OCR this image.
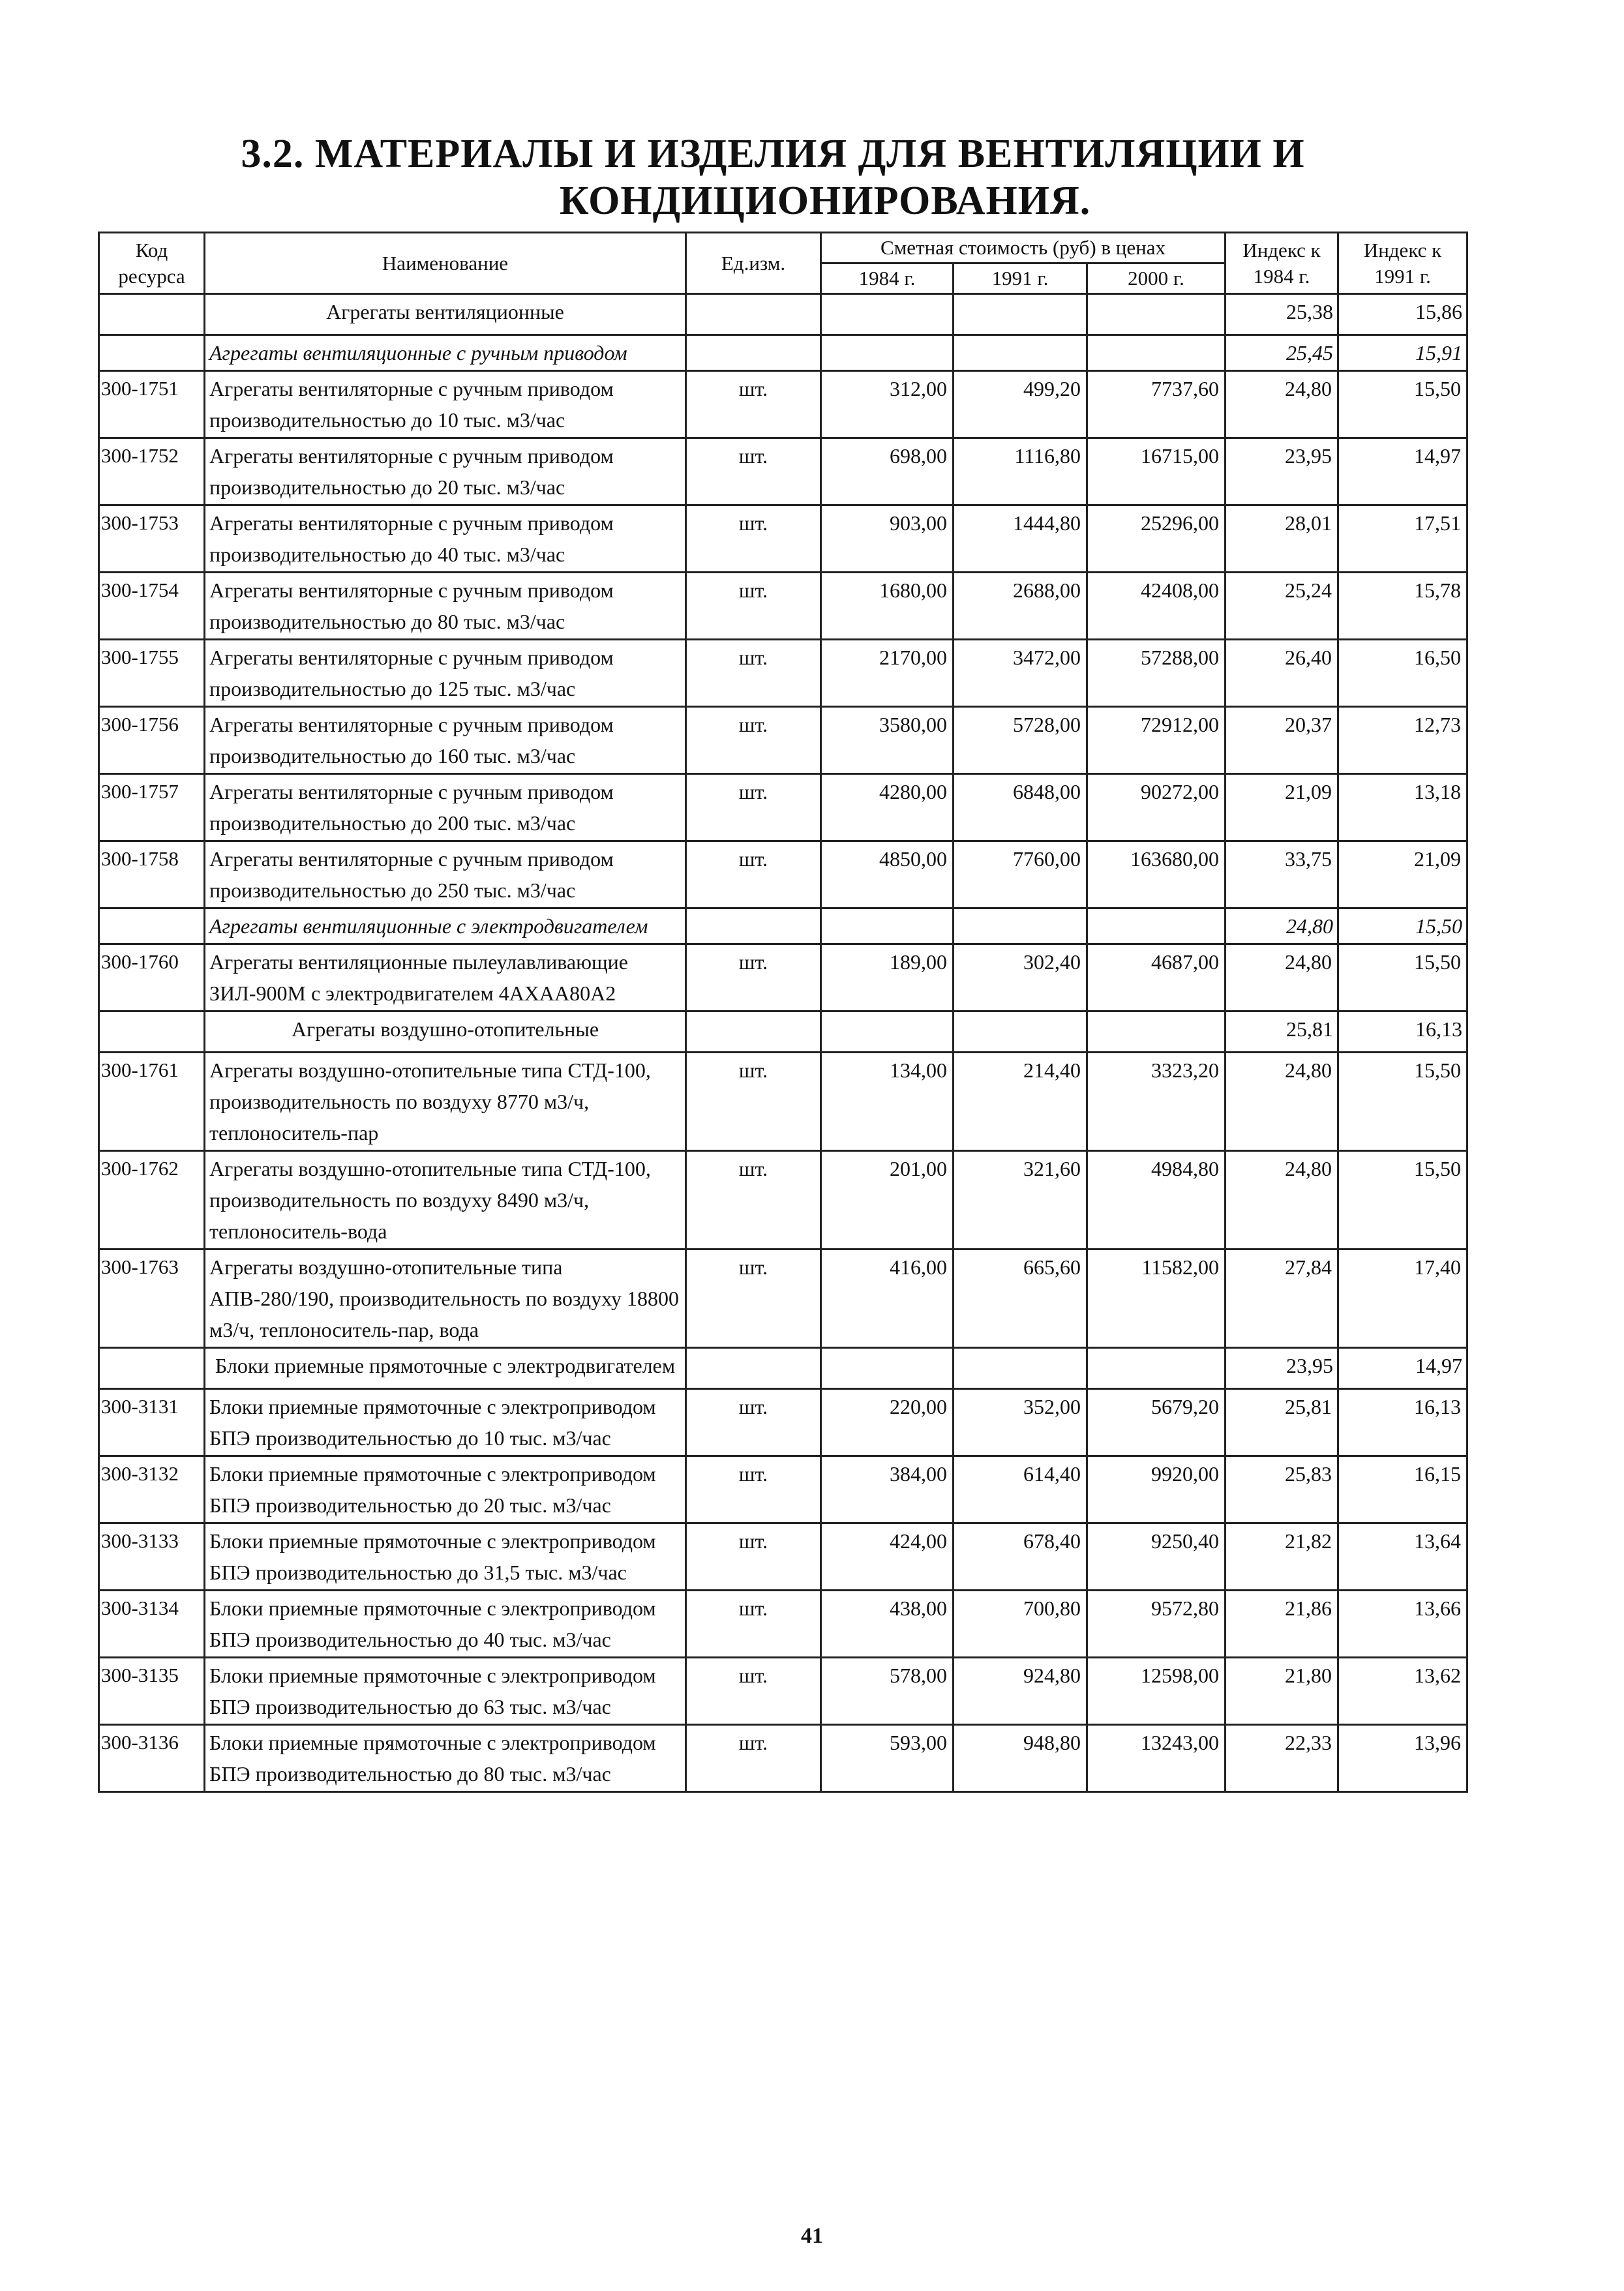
3.2. МАТЕРИАЛЫ И ИЗДЕЛИЯ ДЛЯ ВЕНТИЛЯЦИИ И
КОНДИЦИОНИРОВАНИЯ.
Код ресурса	Наименование	Ед.изм.	Сметная стоимость (руб) в ценах			Индекс к 1984 г.	Индекс к 1991 г.
			1984 г.	1991 г.	2000 г.		
	Агрегаты вентиляционные					25,38	15,86
	Агрегаты вентиляционные с ручным приводом					25,45	15,91
300-1751	Агрегаты вентиляторные с ручным приводом производительностью до 10 тыс. м3/час	шт.	312,00	499,20	7737,60	24,80	15,50
300-1752	Агрегаты вентиляторные с ручным приводом производительностью до 20 тыс. м3/час	шт.	698,00	1116,80	16715,00	23,95	14,97
300-1753	Агрегаты вентиляторные с ручным приводом производительностью до 40 тыс. м3/час	шт.	903,00	1444,80	25296,00	28,01	17,51
300-1754	Агрегаты вентиляторные с ручным приводом производительностью до 80 тыс. м3/час	шт.	1680,00	2688,00	42408,00	25,24	15,78
300-1755	Агрегаты вентиляторные с ручным приводом производительностью до 125 тыс. м3/час	шт.	2170,00	3472,00	57288,00	26,40	16,50
300-1756	Агрегаты вентиляторные с ручным приводом производительностью до 160 тыс. м3/час	шт.	3580,00	5728,00	72912,00	20,37	12,73
300-1757	Агрегаты вентиляторные с ручным приводом производительностью до 200 тыс. м3/час	шт.	4280,00	6848,00	90272,00	21,09	13,18
300-1758	Агрегаты вентиляторные с ручным приводом производительностью до 250 тыс. м3/час	шт.	4850,00	7760,00	163680,00	33,75	21,09
	Агрегаты вентиляционные с электродвигателем					24,80	15,50
300-1760	Агрегаты вентиляционные пылеулавливающие ЗИЛ-900М с электродвигателем 4АХАА80А2	шт.	189,00	302,40	4687,00	24,80	15,50
	Агрегаты воздушно-отопительные					25,81	16,13
300-1761	Агрегаты воздушно-отопительные типа СТД-100, производительность по воздуху 8770 м3/ч, теплоноситель-пар	шт.	134,00	214,40	3323,20	24,80	15,50
300-1762	Агрегаты воздушно-отопительные типа СТД-100, производительность по воздуху 8490 м3/ч, теплоноситель-вода	шт.	201,00	321,60	4984,80	24,80	15,50
300-1763	Агрегаты воздушно-отопительные типа АПВ-280/190, производительность по воздуху 18800 м3/ч, теплоноситель-пар, вода	шт.	416,00	665,60	11582,00	27,84	17,40
	Блоки приемные прямоточные с электродвигателем					23,95	14,97
300-3131	Блоки приемные прямоточные с электроприводом БПЭ производительностью до 10 тыс. м3/час	шт.	220,00	352,00	5679,20	25,81	16,13
300-3132	Блоки приемные прямоточные с электроприводом БПЭ производительностью до 20 тыс. м3/час	шт.	384,00	614,40	9920,00	25,83	16,15
300-3133	Блоки приемные прямоточные с электроприводом БПЭ производительностью до 31,5 тыс. м3/час	шт.	424,00	678,40	9250,40	21,82	13,64
300-3134	Блоки приемные прямоточные с электроприводом БПЭ производительностью до 40 тыс. м3/час	шт.	438,00	700,80	9572,80	21,86	13,66
300-3135	Блоки приемные прямоточные с электроприводом БПЭ производительностью до 63 тыс. м3/час	шт.	578,00	924,80	12598,00	21,80	13,62
300-3136	Блоки приемные прямоточные с электроприводом БПЭ производительностью до 80 тыс. м3/час	шт.	593,00	948,80	13243,00	22,33	13,96
41
